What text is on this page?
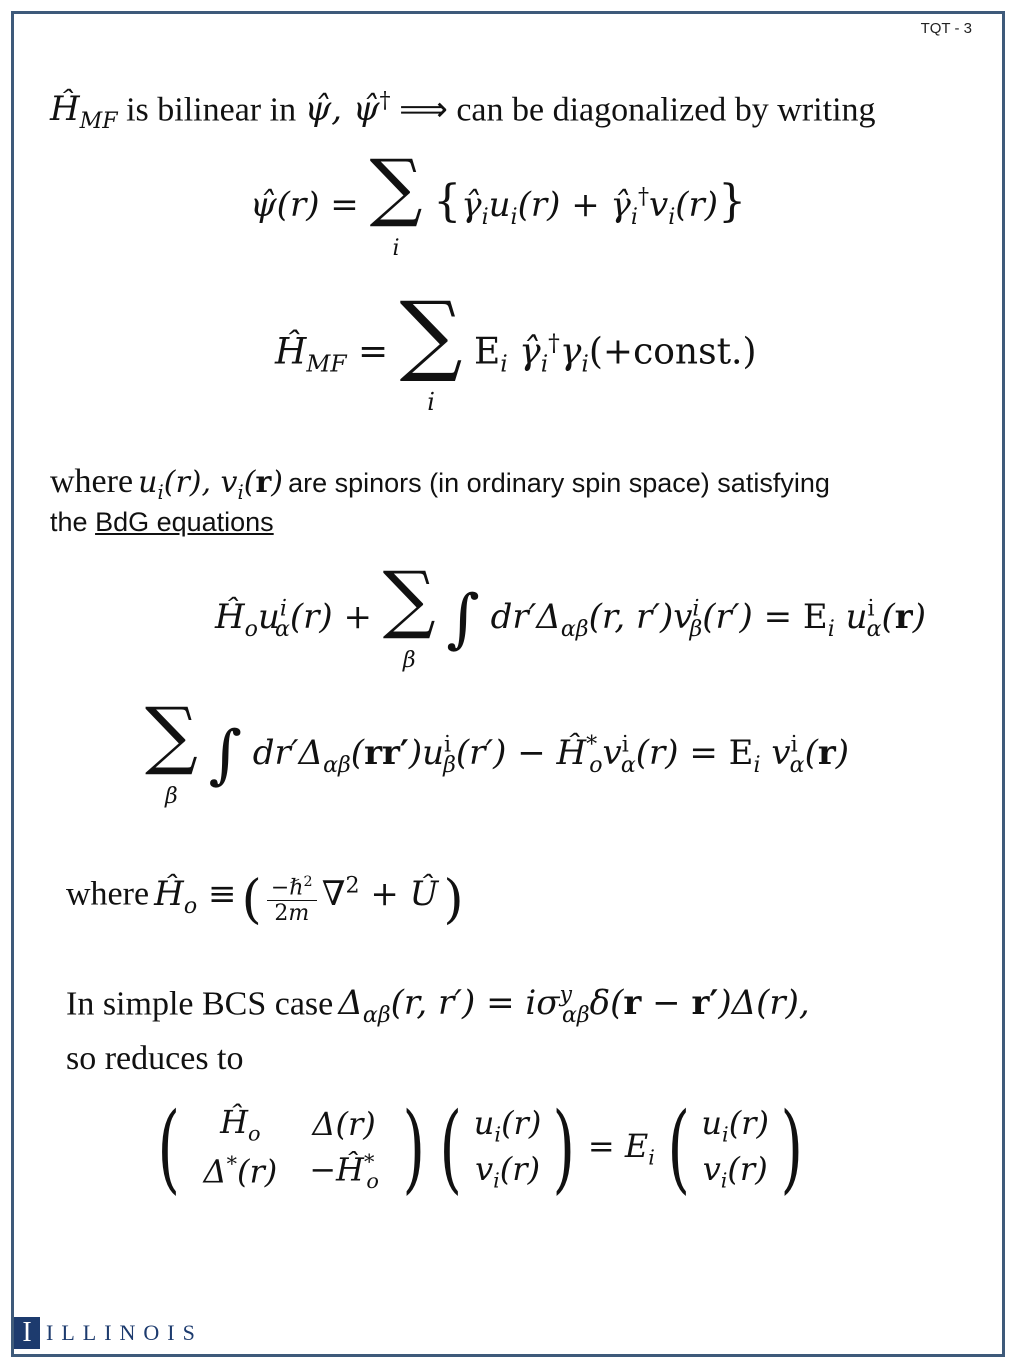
TQT - 3
$Ĥ_{MF}$ is bilinear in ψ̂, ψ̂† ⟹ can be diagonalized by writing
ψ̂(r) = ∑
i {$\gammâ_iu_i(r)$ + $\gammâ_i^\dagger v_i(r)$}
$Ĥ_{MF}$ = ∑
i $E_i$ $\gammâ_i^\dagger\gamma_i(+const.)$
where $u_i(r)$, $v_i(r)$ are spinors (in ordinary spin space) satisfying
the BdG equations
$Ĥ_ou^i_\alpha(r)$ + ∑
β ∫ $dr'\Delta_{\alpha\beta}(r$, $r')v^i_\beta(r') = E_i$ $u^i_\alpha(r)$
∑
β ∫ $dr'\Delta_{\alpha\beta}(rr')u^i_\beta(r')$ − $Ĥ^*_ov^i_\alpha(r) = E_i$ $v^i_\alpha(r)$
where $Ĥ_o$ ≡ ( $\frac{-\hbar^2}{2m} \nabla^2$ + Û )
In simple BCS case $\Delta_{\alpha\beta}(r$, $r') = i\sigma^y_{\alpha\beta}\delta(r - r')\Delta(r)$,
so reduces to
( $Ĥ_o$	Δ(r)
Δ*(r)	$-Ĥ^*_o$ ) ( $u_i(r)$
$v_i(r)$ ) = $E_i$ ( $u_i(r)$
$v_i(r)$ )
I ILLINOIS
